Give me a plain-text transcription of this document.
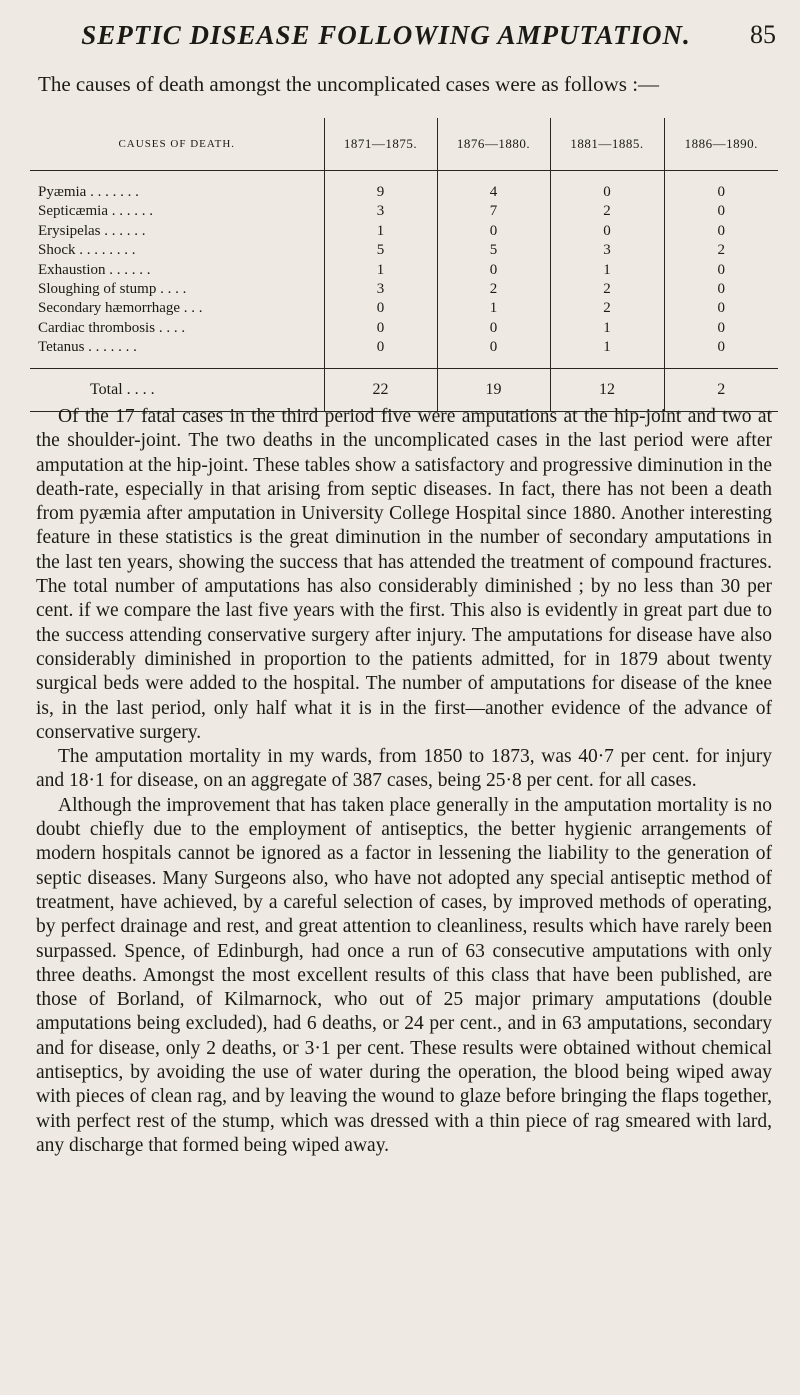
SEPTIC DISEASE FOLLOWING AMPUTATION.	85

The causes of death amongst the uncomplicated cases were as follows :—

CAUSES OF DEATH.	1871—1875.	1876—1880.	1881—1885.	1886—1890.
Pyæmia . . . . . . .	9	4	0	0
Septicæmia . . . . . .	3	7	2	0
Erysipelas . . . . . .	1	0	0	0
Shock . . . . . . . .	5	5	3	2
Exhaustion . . . . . .	1	0	1	0
Sloughing of stump . . . .	3	2	2	0
Secondary hæmorrhage . . .	0	1	2	0
Cardiac thrombosis . . . .	0	0	1	0
Tetanus . . . . . . .	0	0	1	0
Total . . . .	22	19	12	2

Of the 17 fatal cases in the third period five were amputations at the hip-joint and two at the shoulder-joint. The two deaths in the uncomplicated cases in the last period were after amputation at the hip-joint. These tables show a satisfactory and progressive diminution in the death-rate, especially in that arising from septic diseases. In fact, there has not been a death from pyæmia after amputation in University College Hospital since 1880. Another interesting feature in these statistics is the great diminution in the number of secondary amputations in the last ten years, showing the success that has attended the treatment of compound fractures. The total number of amputations has also considerably diminished ; by no less than 30 per cent. if we compare the last five years with the first. This also is evidently in great part due to the success attending conservative surgery after injury. The amputations for disease have also considerably diminished in proportion to the patients admitted, for in 1879 about twenty surgical beds were added to the hospital. The number of amputations for disease of the knee is, in the last period, only half what it is in the first—another evidence of the advance of conservative surgery.

The amputation mortality in my wards, from 1850 to 1873, was 40·7 per cent. for injury and 18·1 for disease, on an aggregate of 387 cases, being 25·8 per cent. for all cases.

Although the improvement that has taken place generally in the amputation mortality is no doubt chiefly due to the employment of antiseptics, the better hygienic arrangements of modern hospitals cannot be ignored as a factor in lessening the liability to the generation of septic diseases. Many Surgeons also, who have not adopted any special antiseptic method of treatment, have achieved, by a careful selection of cases, by improved methods of operating, by perfect drainage and rest, and great attention to cleanliness, results which have rarely been surpassed. Spence, of Edinburgh, had once a run of 63 consecutive amputations with only three deaths. Amongst the most excellent results of this class that have been published, are those of Borland, of Kilmarnock, who out of 25 major primary amputations (double amputations being excluded), had 6 deaths, or 24 per cent., and in 63 amputations, secondary and for disease, only 2 deaths, or 3·1 per cent. These results were obtained without chemical antiseptics, by avoiding the use of water during the operation, the blood being wiped away with pieces of clean rag, and by leaving the wound to glaze before bringing the flaps together, with perfect rest of the stump, which was dressed with a thin piece of rag smeared with lard, any discharge that formed being wiped away.
